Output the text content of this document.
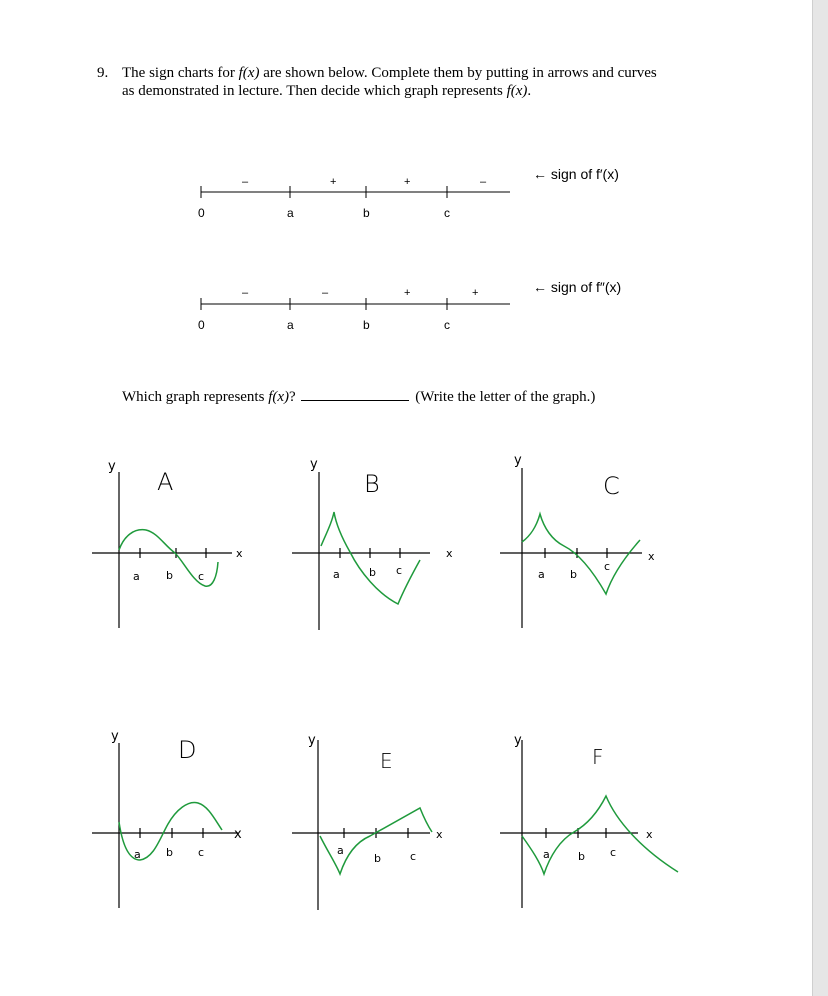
9. The sign charts for f(x) are shown below. Complete them by putting in arrows and curves
as demonstrated in lecture. Then decide which graph represents f(x).
← sign of f′(x)
← sign of f″(x)
Which graph represents f(x)?	(Write the letter of the graph.)
–	+	+	–
0	a	b	c
–	–	+	+
0	a	b	c
y
x
A
a b c
y
x
B
a	b c
y
x
C
a b
c
y
x
D
a b c
y
x
E
a
b	c
y
x
F
a	b c
